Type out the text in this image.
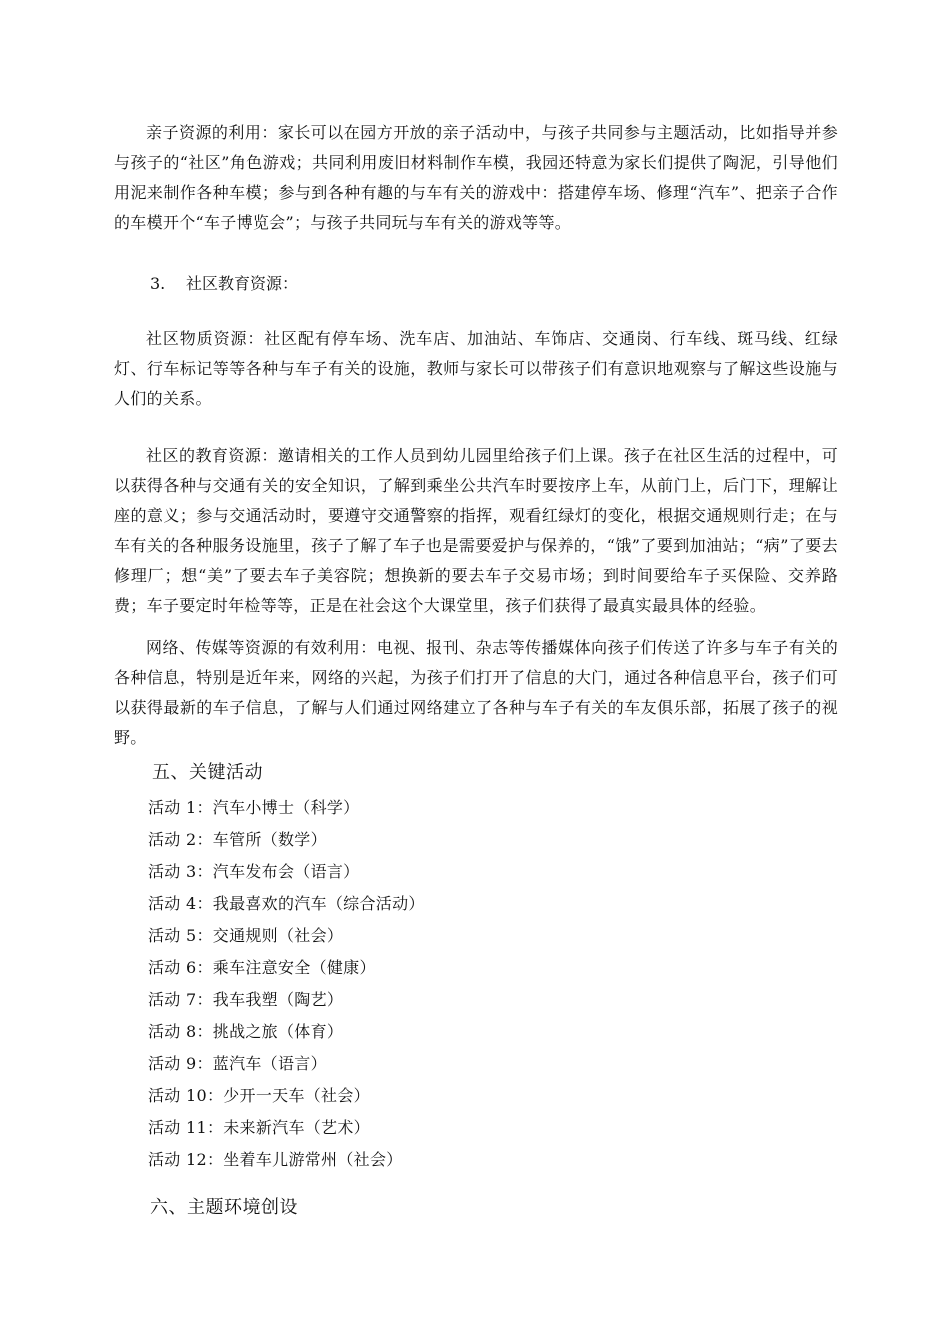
亲子资源的利用：家长可以在园方开放的亲子活动中，与孩子共同参与主题活动，比如指导并参与孩子的“社区”角色游戏；共同利用废旧材料制作车模，我园还特意为家长们提供了陶泥，引导他们用泥来制作各种车模；参与到各种有趣的与车有关的游戏中：搭建停车场、修理“汽车”、把亲子合作的车模开个“车子博览会”；与孩子共同玩与车有关的游戏等等。

3. 社区教育资源：

社区物质资源：社区配有停车场、洗车店、加油站、车饰店、交通岗、行车线、斑马线、红绿灯、行车标记等等各种与车子有关的设施，教师与家长可以带孩子们有意识地观察与了解这些设施与人们的关系。

社区的教育资源：邀请相关的工作人员到幼儿园里给孩子们上课。孩子在社区生活的过程中，可以获得各种与交通有关的安全知识，了解到乘坐公共汽车时要按序上车，从前门上，后门下，理解让座的意义；参与交通活动时，要遵守交通警察的指挥，观看红绿灯的变化，根据交通规则行走；在与车有关的各种服务设施里，孩子了解了车子也是需要爱护与保养的，“饿”了要到加油站；“病”了要去修理厂；想“美”了要去车子美容院；想换新的要去车子交易市场；到时间要给车子买保险、交养路费；车子要定时年检等等，正是在社会这个大课堂里，孩子们获得了最真实最具体的经验。

网络、传媒等资源的有效利用：电视、报刊、杂志等传播媒体向孩子们传送了许多与车子有关的各种信息，特别是近年来，网络的兴起，为孩子们打开了信息的大门，通过各种信息平台，孩子们可以获得最新的车子信息，了解与人们通过网络建立了各种与车子有关的车友俱乐部，拓展了孩子的视野。

五、关键活动
活动 1：汽车小博士（科学）
活动 2：车管所（数学）
活动 3：汽车发布会（语言）
活动 4：我最喜欢的汽车（综合活动）
活动 5：交通规则（社会）
活动 6：乘车注意安全（健康）
活动 7：我车我塑（陶艺）
活动 8：挑战之旅（体育）
活动 9：蓝汽车（语言）
活动 10：少开一天车（社会）
活动 11：未来新汽车（艺术）
活动 12：坐着车儿游常州（社会）
六、主题环境创设
